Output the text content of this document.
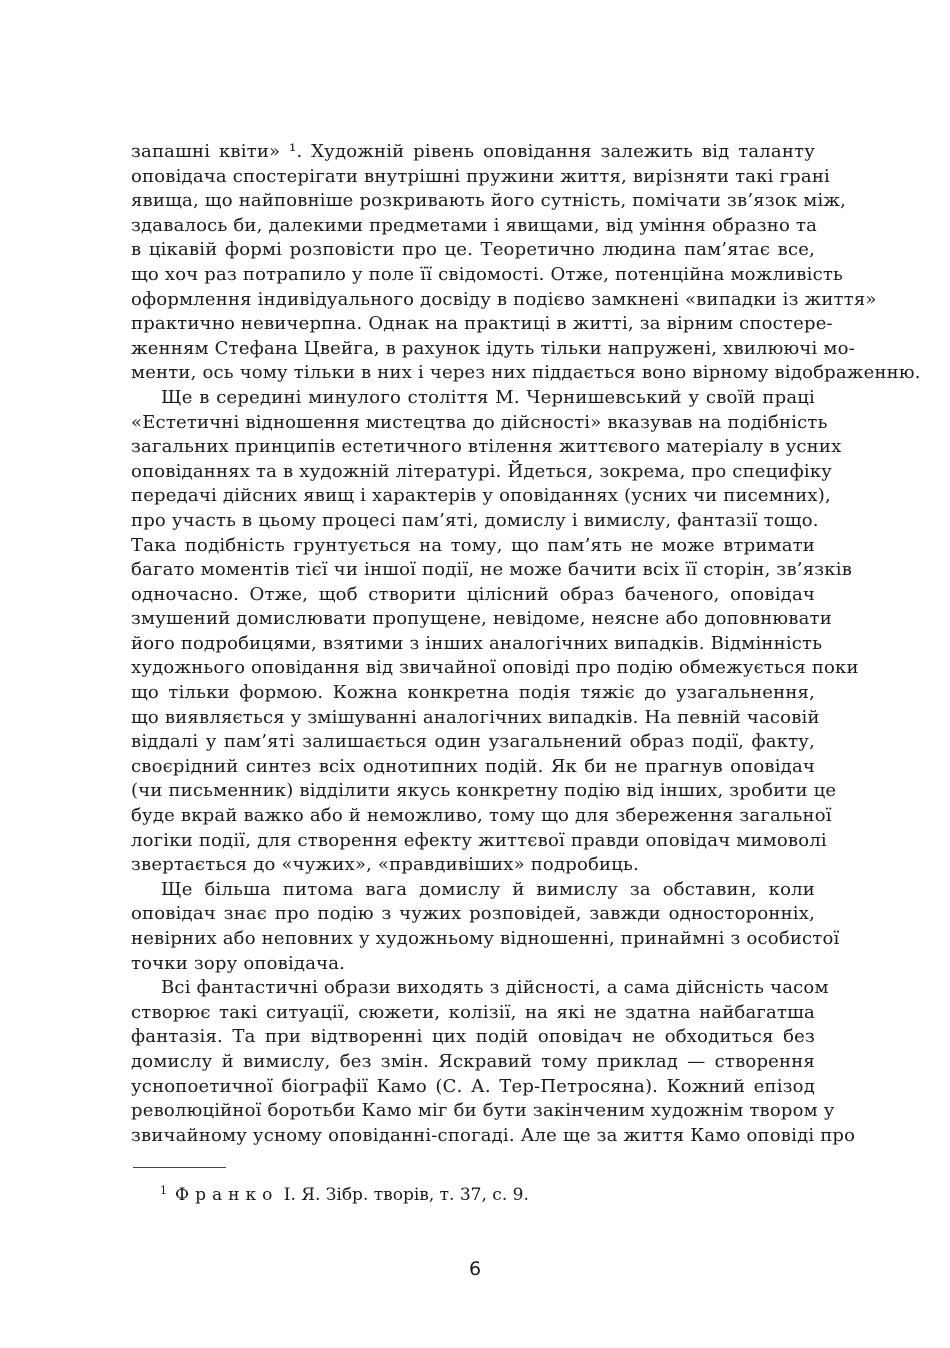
запашні квіти» ¹. Художній рівень оповідання залежить від таланту
оповідача спостерігати внутрішні пружини життя, вирізняти такі грані
явища, що найповніше розкривають його сутність, помічати зв’язок між,
здавалось би, далекими предметами і явищами, від уміння образно та
в цікавій формі розповісти про це. Теоретично людина пам’ятає все,
що хоч раз потрапило у поле її свідомості. Отже, потенційна можливість
оформлення індивідуального досвіду в подієво замкнені «випадки із життя»
практично невичерпна. Однак на практиці в житті, за вірним спостере-
женням Стефана Цвейга, в рахунок ідуть тільки напружені, хвилюючі мо-
менти, ось чому тільки в них і через них піддається воно вірному відображенню.
Ще в середині минулого століття М. Чернишевський у своїй праці
«Естетичні відношення мистецтва до дійсності» вказував на подібність
загальних принципів естетичного втілення життєвого матеріалу в усних
оповіданнях та в художній літературі. Йдеться, зокрема, про специфіку
передачі дійсних явищ і характерів у оповіданнях (усних чи писемних),
про участь в цьому процесі пам’яті, домислу і вимислу, фантазії тощо.
Така подібність грунтується на тому, що пам’ять не може втримати
багато моментів тієї чи іншої події, не може бачити всіх її сторін, зв’язків
одночасно. Отже, щоб створити цілісний образ баченого, оповідач
змушений домислювати пропущене, невідоме, неясне або доповнювати
його подробицями, взятими з інших аналогічних випадків. Відмінність
художнього оповідання від звичайної оповіді про подію обмежується поки
що тільки формою. Кожна конкретна подія тяжіє до узагальнення,
що виявляється у змішуванні аналогічних випадків. На певній часовій
віддалі у пам’яті залишається один узагальнений образ події, факту,
своєрідний синтез всіх однотипних подій. Як би не прагнув оповідач
(чи письменник) відділити якусь конкретну подію від інших, зробити це
буде вкрай важко або й неможливо, тому що для збереження загальної
логіки події, для створення ефекту життєвої правди оповідач мимоволі
звертається до «чужих», «правдивіших» подробиць.
Ще більша питома вага домислу й вимислу за обставин, коли
оповідач знає про подію з чужих розповідей, завжди односторонніх,
невірних або неповних у художньому відношенні, принаймні з особистої
точки зору оповідача.
Всі фантастичні образи виходять з дійсності, а сама дійсність часом
створює такі ситуації, сюжети, колізії, на які не здатна найбагатша
фантазія. Та при відтворенні цих подій оповідач не обходиться без
домислу й вимислу, без змін. Яскравий тому приклад — створення
уснопоетичної біографії Камо (С. А. Тер-Петросяна). Кожний епізод
революційної боротьби Камо міг би бути закінченим художнім твором у
звичайному усному оповіданні-спогаді. Але ще за життя Камо оповіді про
$^1$ Франко І. Я. Зібр. творів, т. 37, с. 9.
6
